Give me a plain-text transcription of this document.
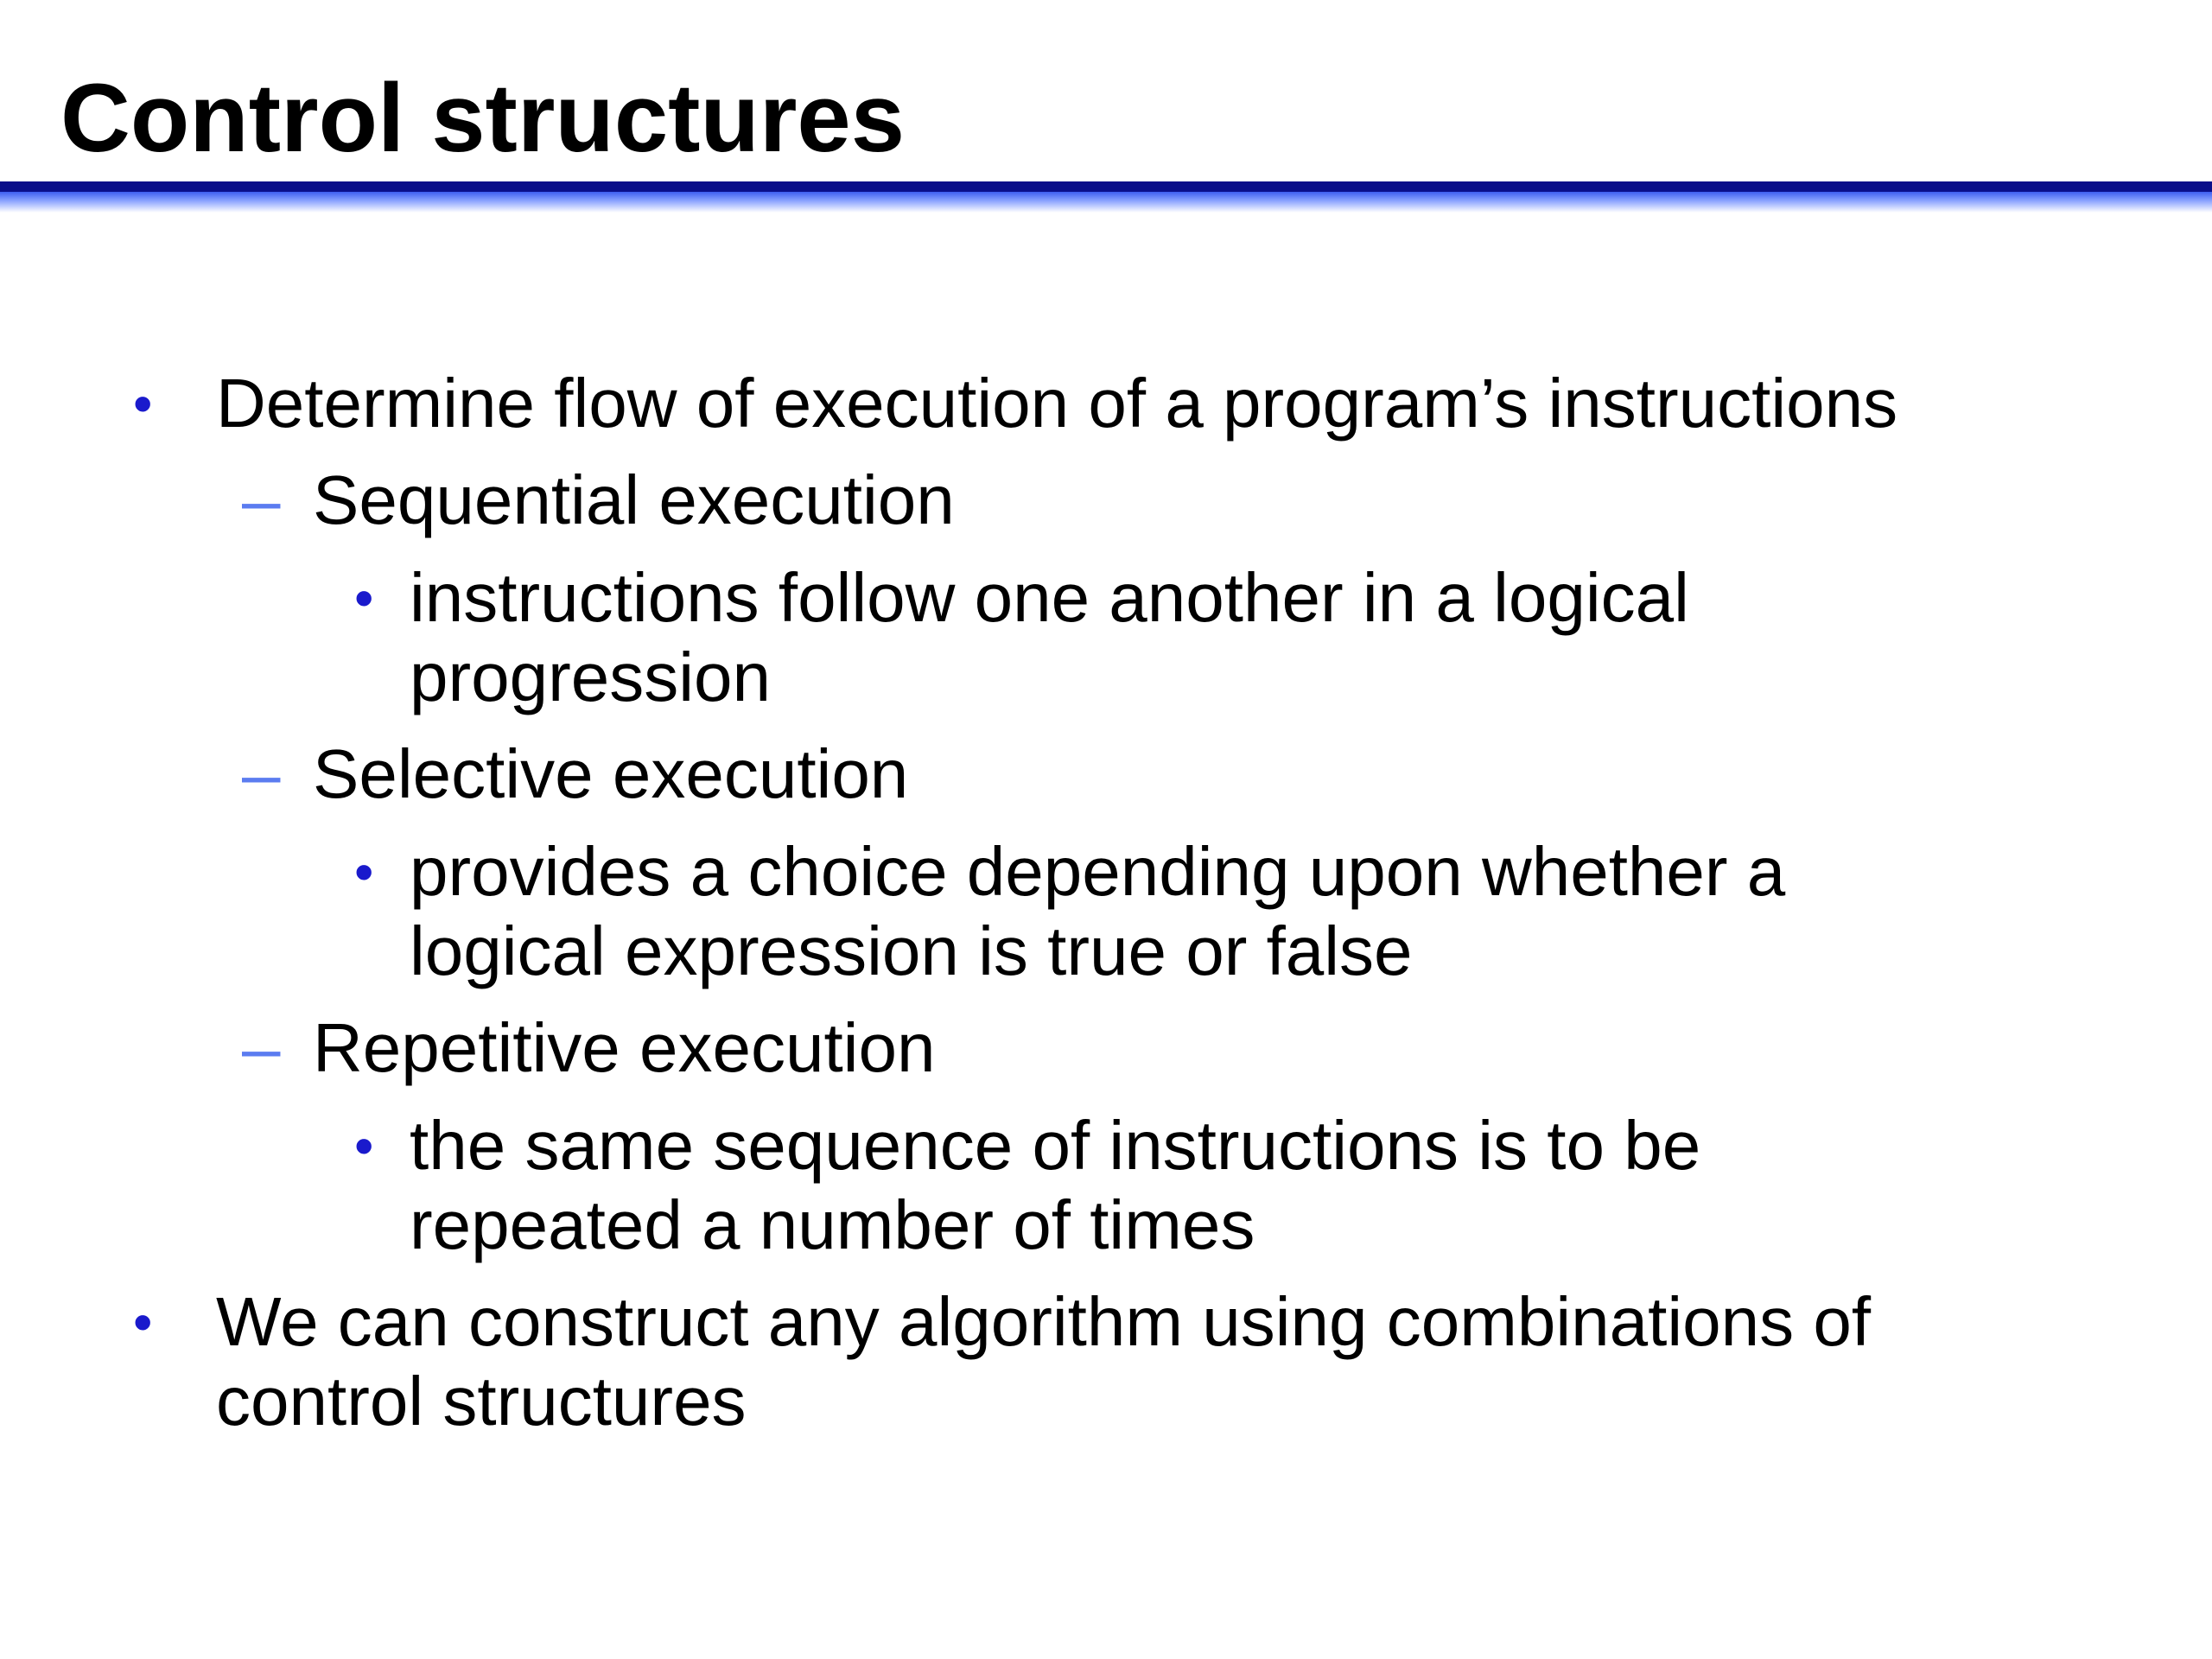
Control structures
• Determine flow of execution of a program’s instructions
– Sequential execution
• instructions follow one another in a logical
progression
– Selective execution
• provides a choice depending upon whether a
logical expression is true or false
– Repetitive execution
• the same sequence of instructions is to be
repeated a number of times
• We can construct any algorithm using combinations of
control structures
